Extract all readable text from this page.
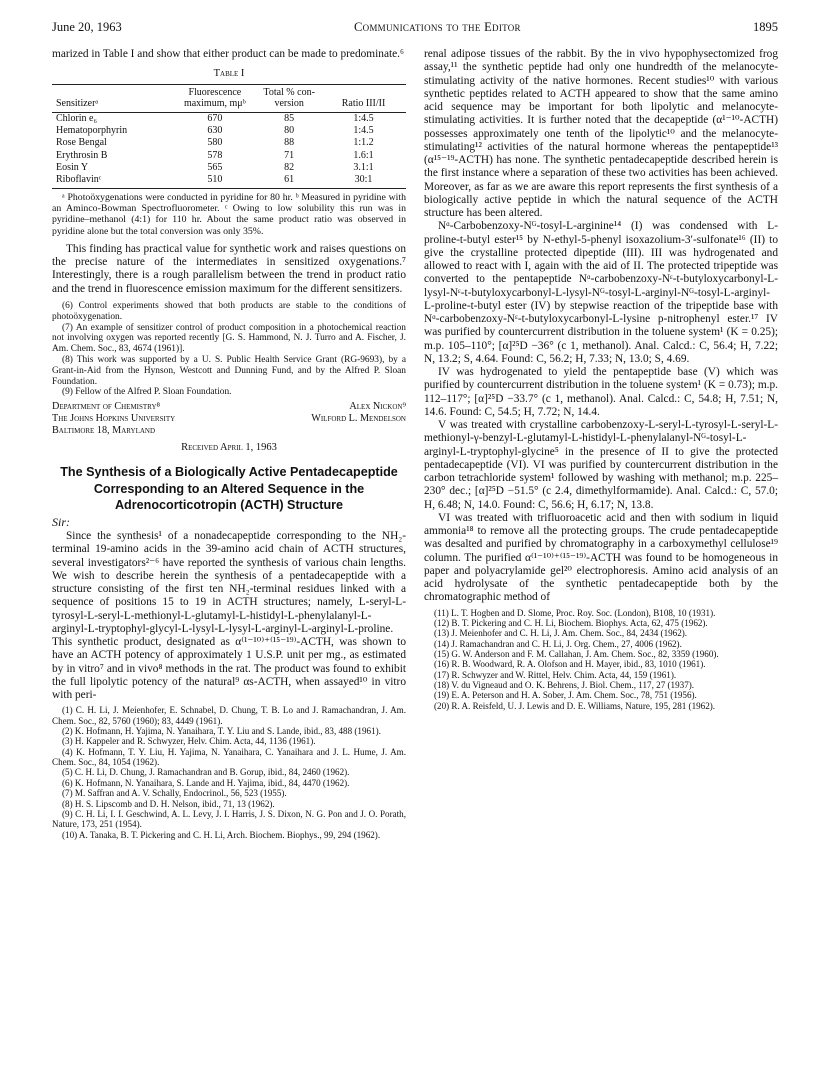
June 20, 1963	Communications to the Editor	1895

marized in Table I and show that either product can be made to predominate.⁶

Table I
Sensitizerᵃ	Fluorescence maximum, mμᵇ	Total % con- version	Ratio III/II
Chlorin e₆	670	85	1:4.5
Hematoporphyrin	630	80	1:4.5
Rose Bengal	580	88	1:1.2
Erythrosin B	578	71	1.6:1
Eosin Y	565	82	3.1:1
Riboflavinᶜ	510	61	30:1

ᵃ Photoöxygenations were conducted in pyridine for 80 hr. ᵇ Measured in pyridine with an Aminco-Bowman Spectrofluorometer. ᶜ Owing to low solubility this run was in pyridine–methanol (4:1) for 110 hr. About the same product ratio was observed in pyridine alone but the total conversion was only 35%.

This finding has practical value for synthetic work and raises questions on the precise nature of the intermediates in sensitized oxygenations.⁷ Interestingly, there is a rough parallelism between the trend in product ratio and the trend in fluorescence emission maximum for the different sensitizers.

(6) Control experiments showed that both products are stable to the conditions of photoöxygenation.

(7) An example of sensitizer control of product composition in a photochemical reaction not involving oxygen was reported recently [G. S. Hammond, N. J. Turro and A. Fischer, J. Am. Chem. Soc., 83, 4674 (1961)].

(8) This work was supported by a U. S. Public Health Service Grant (RG-9693), by a Grant-in-Aid from the Hynson, Westcott and Dunning Fund, and by the Alfred P. Sloan Foundation.

(9) Fellow of the Alfred P. Sloan Foundation.

Department of Chemistry⁸	Alex Nickon⁹
The Johns Hopkins University	Wilford L. Mendelson
Baltimore 18, Maryland
Received April 1, 1963
The Synthesis of a Biologically Active Pentadecapeptide Corresponding to an Altered Sequence in the Adrenocorticotropin (ACTH) Structure
Sir:

Since the synthesis¹ of a nonadecapeptide corresponding to the NH₂-terminal 19-amino acids in the 39-amino acid chain of ACTH structures, several investigators²⁻⁶ have reported the synthesis of various chain lengths. We wish to describe herein the synthesis of a pentadecapeptide with a structure consisting of the first ten NH₂-terminal residues linked with a sequence of positions 15 to 19 in ACTH structures; namely, L-seryl-L-tyrosyl-L-seryl-L-methionyl-L-glutamyl-L-histidyl-L-phenylalanyl-L-arginyl-L-tryptophyl-glycyl-L-lysyl-L-lysyl-L-arginyl-L-arginyl-L-proline. This synthetic product, designated as α⁽¹⁻¹⁰⁾⁺⁽¹⁵⁻¹⁹⁾-ACTH, was shown to have an ACTH potency of approximately 1 U.S.P. unit per mg., as estimated by in vitro⁷ and in vivo⁸ methods in the rat. The product was found to exhibit the full lipolytic potency of the natural⁹ αs-ACTH, when assayed¹⁰ in vitro with peri-

(1) C. H. Li, J. Meienhofer, E. Schnabel, D. Chung, T. B. Lo and J. Ramachandran, J. Am. Chem. Soc., 82, 5760 (1960); 83, 4449 (1961).

(2) K. Hofmann, H. Yajima, N. Yanaihara, T. Y. Liu and S. Lande, ibid., 83, 488 (1961).

(3) H. Kappeler and R. Schwyzer, Helv. Chim. Acta, 44, 1136 (1961).

(4) K. Hofmann, T. Y. Liu, H. Yajima, N. Yanaihara, C. Yanaihara and J. L. Hume, J. Am. Chem. Soc., 84, 1054 (1962).

(5) C. H. Li, D. Chung, J. Ramachandran and B. Gorup, ibid., 84, 2460 (1962).

(6) K. Hofmann, N. Yanaihara, S. Lande and H. Yajima, ibid., 84, 4470 (1962).

(7) M. Saffran and A. V. Schally, Endocrinol., 56, 523 (1955).

(8) H. S. Lipscomb and D. H. Nelson, ibid., 71, 13 (1962).

(9) C. H. Li, I. I. Geschwind, A. L. Levy, J. I. Harris, J. S. Dixon, N. G. Pon and J. O. Porath, Nature, 173, 251 (1954).

(10) A. Tanaka, B. T. Pickering and C. H. Li, Arch. Biochem. Biophys., 99, 294 (1962).

renal adipose tissues of the rabbit. By the in vivo hypophysectomized frog assay,¹¹ the synthetic peptide had only one hundredth of the melanocyte-stimulating activity of the native hormones. Recent studies¹⁰ with various synthetic peptides related to ACTH appeared to show that the same amino acid sequence may be important for both lipolytic and melanocyte-stimulating activities. It is further noted that the decapeptide (α¹⁻¹⁰-ACTH) possesses approximately one tenth of the lipolytic¹⁰ and the melanocyte-stimulating¹² activities of the natural hormone whereas the pentapeptide¹³ (α¹⁵⁻¹⁹-ACTH) has none. The synthetic pentadecapeptide described herein is the first instance where a separation of these two activities has been achieved. Moreover, as far as we are aware this report represents the first synthesis of a biologically active peptide in which the natural sequence of the ACTH structure has been altered.

Nᵅ-Carbobenzoxy-Nᴳ-tosyl-L-arginine¹⁴ (I) was condensed with L-proline-t-butyl ester¹⁵ by N-ethyl-5-phenyl isoxazolium-3′-sulfonate¹⁶ (II) to give the crystalline protected dipeptide (III). III was hydrogenated and allowed to react with I, again with the aid of II. The protected tripeptide was converted to the pentapeptide Nᵅ-carbobenzoxy-Nᵋ-t-butyloxycarbonyl-L-lysyl-Nᵋ-t-butyloxycarbonyl-L-lysyl-Nᴳ-tosyl-L-arginyl-Nᴳ-tosyl-L-arginyl-L-proline-t-butyl ester (IV) by stepwise reaction of the tripeptide base with Nᵅ-carbobenzoxy-Nᵋ-t-butyloxycarbonyl-L-lysine p-nitrophenyl ester.¹⁷ IV was purified by countercurrent distribution in the toluene system¹ (K = 0.25); m.p. 105–110°; [α]²⁵D −36° (c 1, methanol). Anal. Calcd.: C, 56.4; H, 7.22; N, 13.2; S, 4.64. Found: C, 56.2; H, 7.33; N, 13.0; S, 4.69.

IV was hydrogenated to yield the pentapeptide base (V) which was purified by countercurrent distribution in the toluene system¹ (K = 0.73); m.p. 112–117°; [α]²⁵D −33.7° (c 1, methanol). Anal. Calcd.: C, 54.8; H, 7.51; N, 14.6. Found: C, 54.5; H, 7.72; N, 14.4.

V was treated with crystalline carbobenzoxy-L-seryl-L-tyrosyl-L-seryl-L-methionyl-γ-benzyl-L-glutamyl-L-histidyl-L-phenylalanyl-Nᴳ-tosyl-L-arginyl-L-tryptophyl-glycine⁵ in the presence of II to give the protected pentadecapeptide (VI). VI was purified by countercurrent distribution in the carbon tetrachloride system¹ followed by washing with methanol; m.p. 225–230° dec.; [α]²⁵D −51.5° (c 2.4, dimethylformamide). Anal. Calcd.: C, 57.0; H, 6.48; N, 14.0. Found: C, 56.6; H, 6.17; N, 13.8.

VI was treated with trifluoroacetic acid and then with sodium in liquid ammonia¹⁸ to remove all the protecting groups. The crude pentadecapeptide was desalted and purified by chromatography in a carboxymethyl cellulose¹⁹ column. The purified α⁽¹⁻¹⁰⁾⁺⁽¹⁵⁻¹⁹⁾-ACTH was found to be homogeneous in paper and polyacrylamide gel²⁰ electrophoresis. Amino acid analysis of an acid hydrolysate of the synthetic pentadecapeptide both by the chromatographic method of

(11) L. T. Hogben and D. Slome, Proc. Roy. Soc. (London), B108, 10 (1931).

(12) B. T. Pickering and C. H. Li, Biochem. Biophys. Acta, 62, 475 (1962).

(13) J. Meienhofer and C. H. Li, J. Am. Chem. Soc., 84, 2434 (1962).

(14) J. Ramachandran and C. H. Li, J. Org. Chem., 27, 4006 (1962).

(15) G. W. Anderson and F. M. Callahan, J. Am. Chem. Soc., 82, 3359 (1960).

(16) R. B. Woodward, R. A. Olofson and H. Mayer, ibid., 83, 1010 (1961).

(17) R. Schwyzer and W. Rittel, Helv. Chim. Acta, 44, 159 (1961).

(18) V. du Vigneaud and O. K. Behrens, J. Biol. Chem., 117, 27 (1937).

(19) E. A. Peterson and H. A. Sober, J. Am. Chem. Soc., 78, 751 (1956).

(20) R. A. Reisfeld, U. J. Lewis and D. E. Williams, Nature, 195, 281 (1962).
